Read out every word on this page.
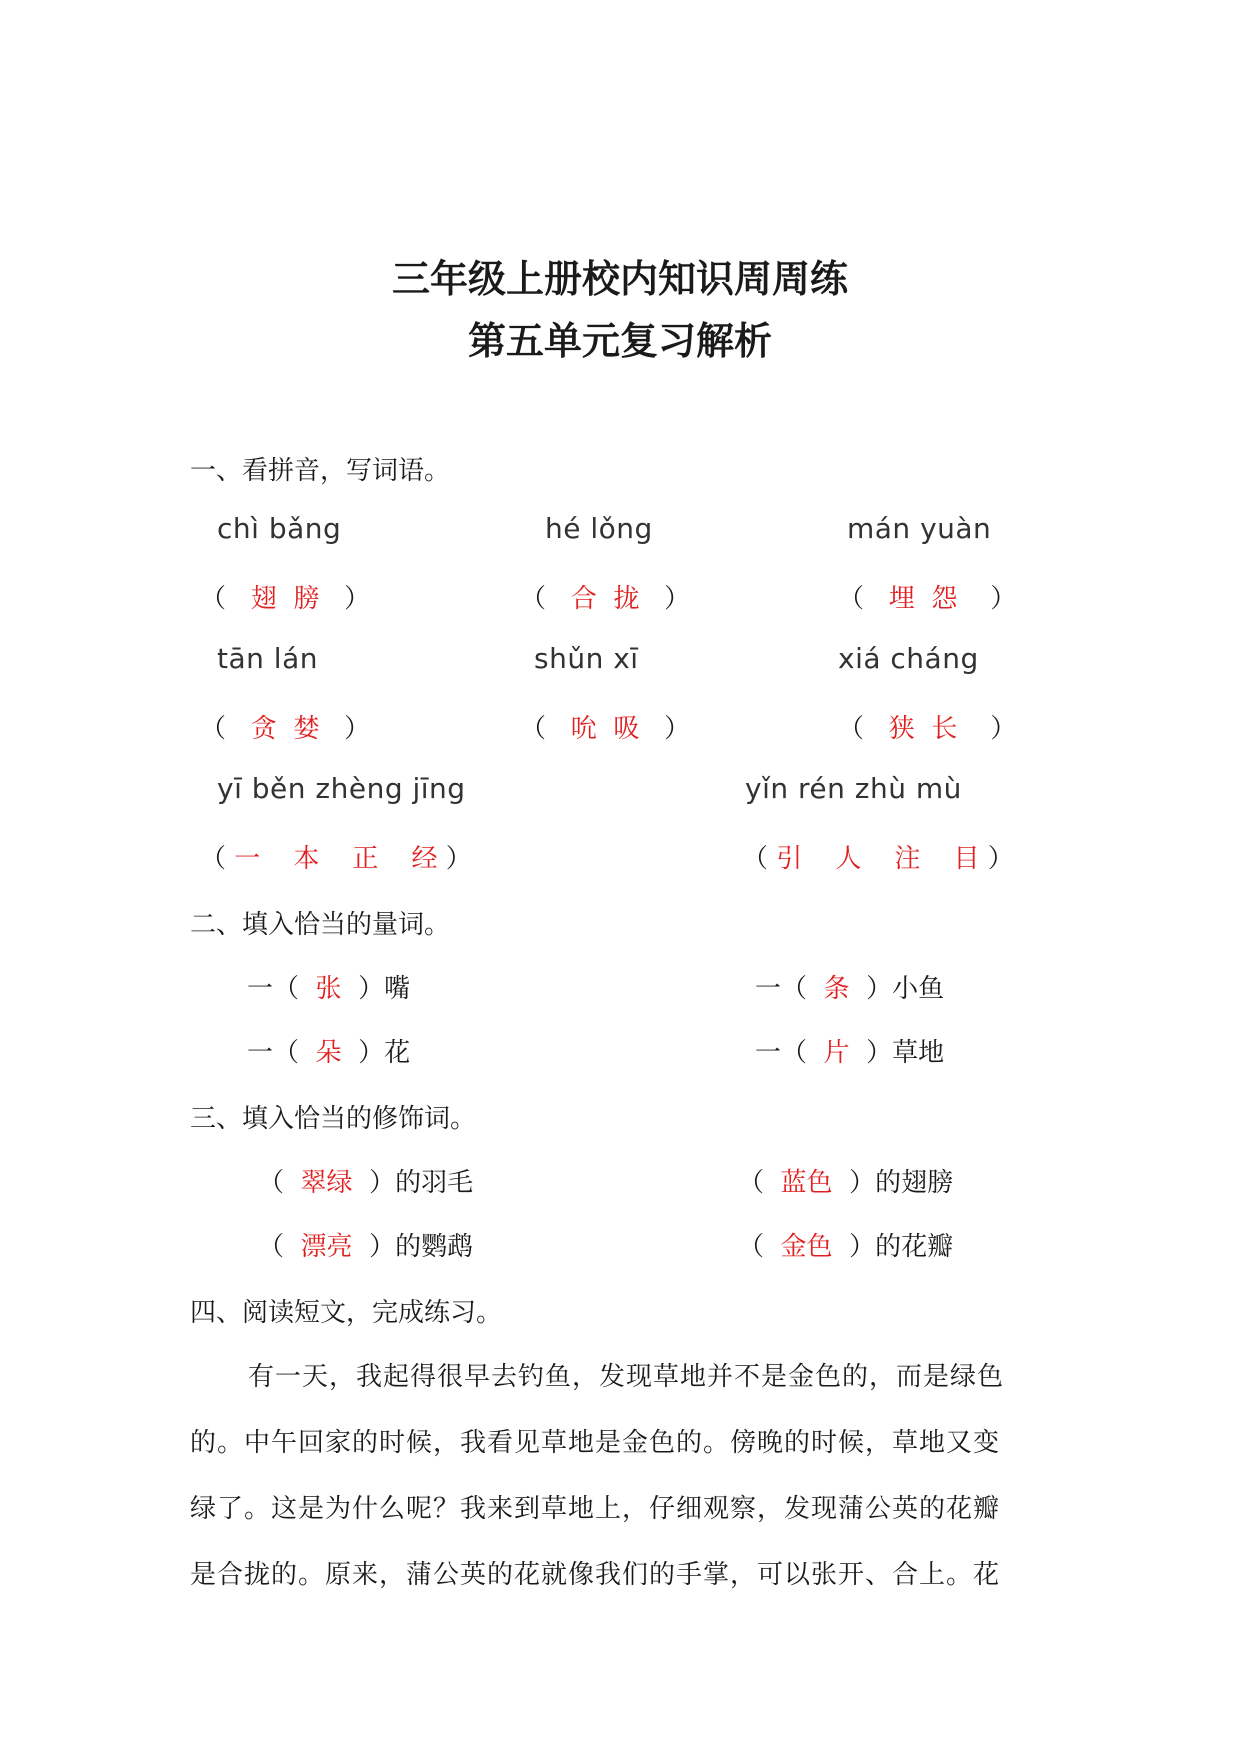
三年级上册校内知识周周练
第五单元复习解析
一、看拼音，写词语。
chì bǎng	hé lǒng	mán yuàn
（   翅 膀   ）	（   合 拢   ）	（   埋 怨    ）
tān lán	shǔn xī	xiá cháng
（   贪 婪   ）	（   吮 吸   ）	（   狭 长    ）
yī běn zhèng jīng	yǐn rén zhù mù
（ 一 本 正 经 ）	（ 引 人 注 目 ）
二、填入恰当的量词。
一（  张  ）嘴	一（  条  ）小鱼
一（  朵  ）花	一（  片  ）草地
三、填入恰当的修饰词。
（  翠绿  ）的羽毛	（  蓝色  ）的翅膀
（  漂亮  ）的鹦鹉	（  金色  ）的花瓣
四、阅读短文，完成练习。
有一天，我起得很早去钓鱼，发现草地并不是金色的，而是绿色
的。中午回家的时候，我看见草地是金色的。傍晚的时候，草地又变
绿了。这是为什么呢？我来到草地上，仔细观察，发现蒲公英的花瓣
是合拢的。原来，蒲公英的花就像我们的手掌，可以张开、合上。花
